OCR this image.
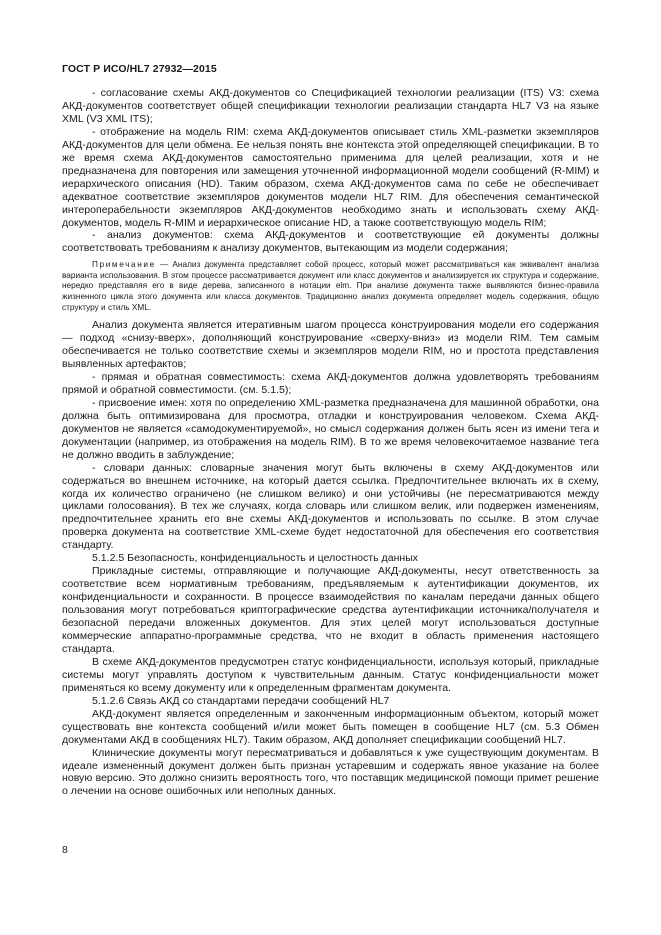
ГОСТ Р ИСО/HL7 27932—2015

- согласование схемы АКД-документов со Спецификацией технологии реализации (ITS) V3: схема АКД-документов соответствует общей спецификации технологии реализации стандарта HL7 V3 на языке XML (V3 XML ITS);

- отображение на модель RIM: схема АКД-документов описывает стиль XML-разметки экземпляров АКД-документов для цели обмена. Ее нельзя понять вне контекста этой определяющей спецификации. В то же время схема АКД-документов самостоятельно применима для целей реализации, хотя и не предназначена для повторения или замещения уточненной информационной модели сообщений (R-MIM) и иерархического описания (HD). Таким образом, схема АКД-документов сама по себе не обеспечивает адекватное соответствие экземпляров документов модели HL7 RIM. Для обеспечения семантической интероперабельности экземпляров АКД-документов необходимо знать и использовать схему АКД-документов, модель R-MIM и иерархическое описание HD, а также соответствующую модель RIM;

- анализ документов: схема АКД-документов и соответствующие ей документы должны соответствовать требованиям к анализу документов, вытекающим из модели содержания;

Примечание — Анализ документа представляет собой процесс, который может рассматриваться как эквивалент анализа варианта использования. В этом процессе рассматривается документ или класс документов и анализируется их структура и содержание, нередко представляя его в виде дерева, записанного в нотации elm. При анализе документа также выявляются бизнес-правила жизненного цикла этого документа или класса документов. Традиционно анализ документа определяет модель содержания, общую структуру и стиль XML.

Анализ документа является итеративным шагом процесса конструирования модели его содержания — подход «снизу-вверх», дополняющий конструирование «сверху-вниз» из модели RIM. Тем самым обеспечивается не только соответствие схемы и экземпляров модели RIM, но и простота представления выявленных артефактов;

- прямая и обратная совместимость: схема АКД-документов должна удовлетворять требованиям прямой и обратной совместимости. (см. 5.1.5);

- присвоение имен: хотя по определению XML-разметка предназначена для машинной обработки, она должна быть оптимизирована для просмотра, отладки и конструирования человеком. Схема АКД-документов не является «самодокументируемой», но смысл содержания должен быть ясен из имени тега и документации (например, из отображения на модель RIM). В то же время человекочитаемое название тега не должно вводить в заблуждение;

- словари данных: словарные значения могут быть включены в схему АКД-документов или содержаться во внешнем источнике, на который дается ссылка. Предпочтительнее включать их в схему, когда их количество ограничено (не слишком велико) и они устойчивы (не пересматриваются между циклами голосования). В тех же случаях, когда словарь или слишком велик, или подвержен изменениям, предпочтительнее хранить его вне схемы АКД-документов и использовать по ссылке. В этом случае проверка документа на соответствие XML-схеме будет недостаточной для обеспечения его соответствия стандарту.

5.1.2.5 Безопасность, конфиденциальность и целостность данных

Прикладные системы, отправляющие и получающие АКД-документы, несут ответственность за соответствие всем нормативным требованиям, предъявляемым к аутентификации документов, их конфиденциальности и сохранности. В процессе взаимодействия по каналам передачи данных общего пользования могут потребоваться криптографические средства аутентификации источника/получателя и безопасной передачи вложенных документов. Для этих целей могут использоваться доступные коммерческие аппаратно-программные средства, что не входит в область применения настоящего стандарта.

В схеме АКД-документов предусмотрен статус конфиденциальности, используя который, прикладные системы могут управлять доступом к чувствительным данным. Статус конфиденциальности может применяться ко всему документу или к определенным фрагментам документа.

5.1.2.6 Связь АКД со стандартами передачи сообщений HL7

АКД-документ является определенным и законченным информационным объектом, который может существовать вне контекста сообщений и/или может быть помещен в сообщение HL7 (см. 5.3 Обмен документами АКД в сообщениях HL7). Таким образом, АКД дополняет спецификации сообщений HL7.

Клинические документы могут пересматриваться и добавляться к уже существующим документам. В идеале измененный документ должен быть признан устаревшим и содержать явное указание на более новую версию. Это должно снизить вероятность того, что поставщик медицинской помощи примет решение о лечении на основе ошибочных или неполных данных.

8
